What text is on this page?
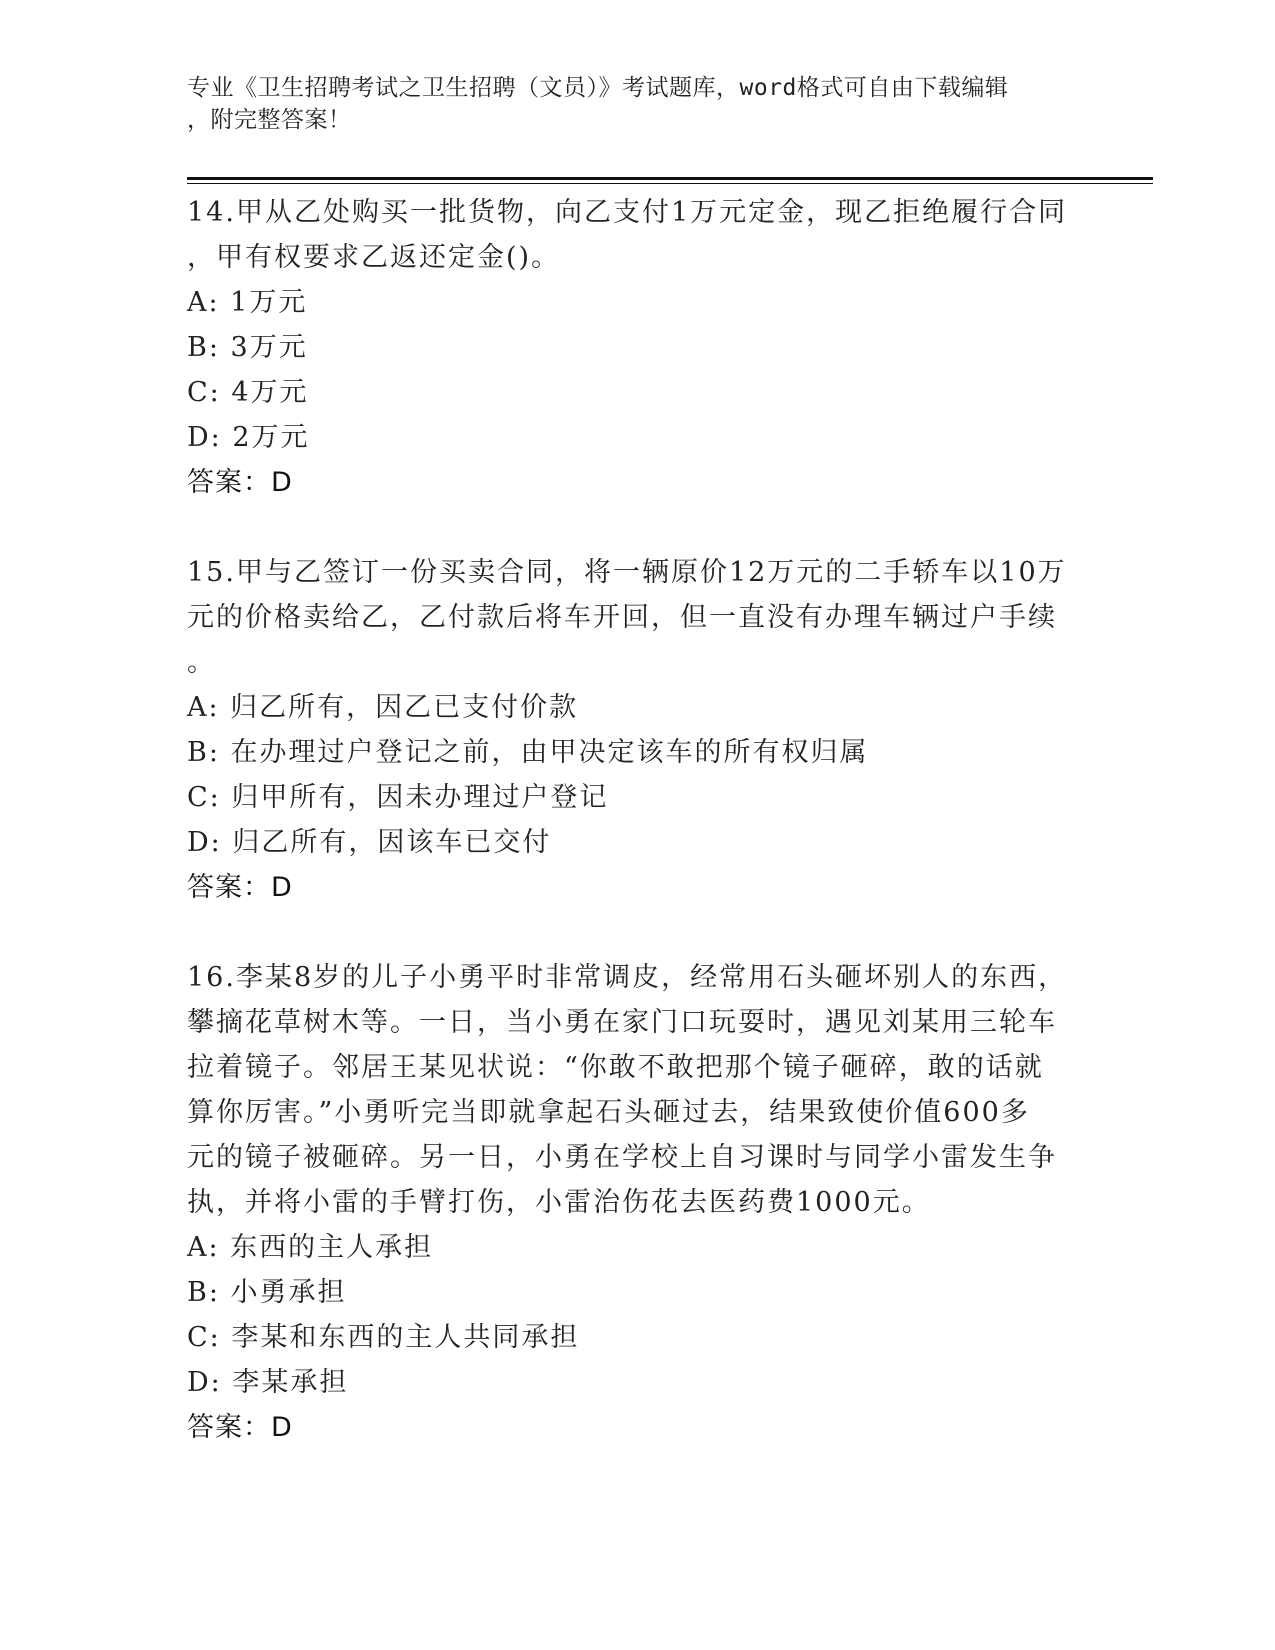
专业《卫生招聘考试之卫生招聘（文员）》考试题库，word格式可自由下载编辑
，附完整答案！

14.甲从乙处购买一批货物，向乙支付1万元定金，现乙拒绝履行合同

，甲有权要求乙返还定金()。

A: 1万元

B: 3万元

C: 4万元

D: 2万元

答案：D

15.甲与乙签订一份买卖合同，将一辆原价12万元的二手轿车以10万

元的价格卖给乙，乙付款后将车开回，但一直没有办理车辆过户手续

。

A: 归乙所有，因乙已支付价款

B: 在办理过户登记之前，由甲决定该车的所有权归属

C: 归甲所有，因未办理过户登记

D: 归乙所有，因该车已交付

答案：D

16.李某8岁的儿子小勇平时非常调皮，经常用石头砸坏别人的东西，

攀摘花草树木等。一日，当小勇在家门口玩耍时，遇见刘某用三轮车

拉着镜子。邻居王某见状说：“你敢不敢把那个镜子砸碎，敢的话就

算你厉害。”小勇听完当即就拿起石头砸过去，结果致使价值600多

元的镜子被砸碎。另一日，小勇在学校上自习课时与同学小雷发生争

执，并将小雷的手臂打伤，小雷治伤花去医药费1000元。

A: 东西的主人承担

B: 小勇承担

C: 李某和东西的主人共同承担

D: 李某承担

答案：D
